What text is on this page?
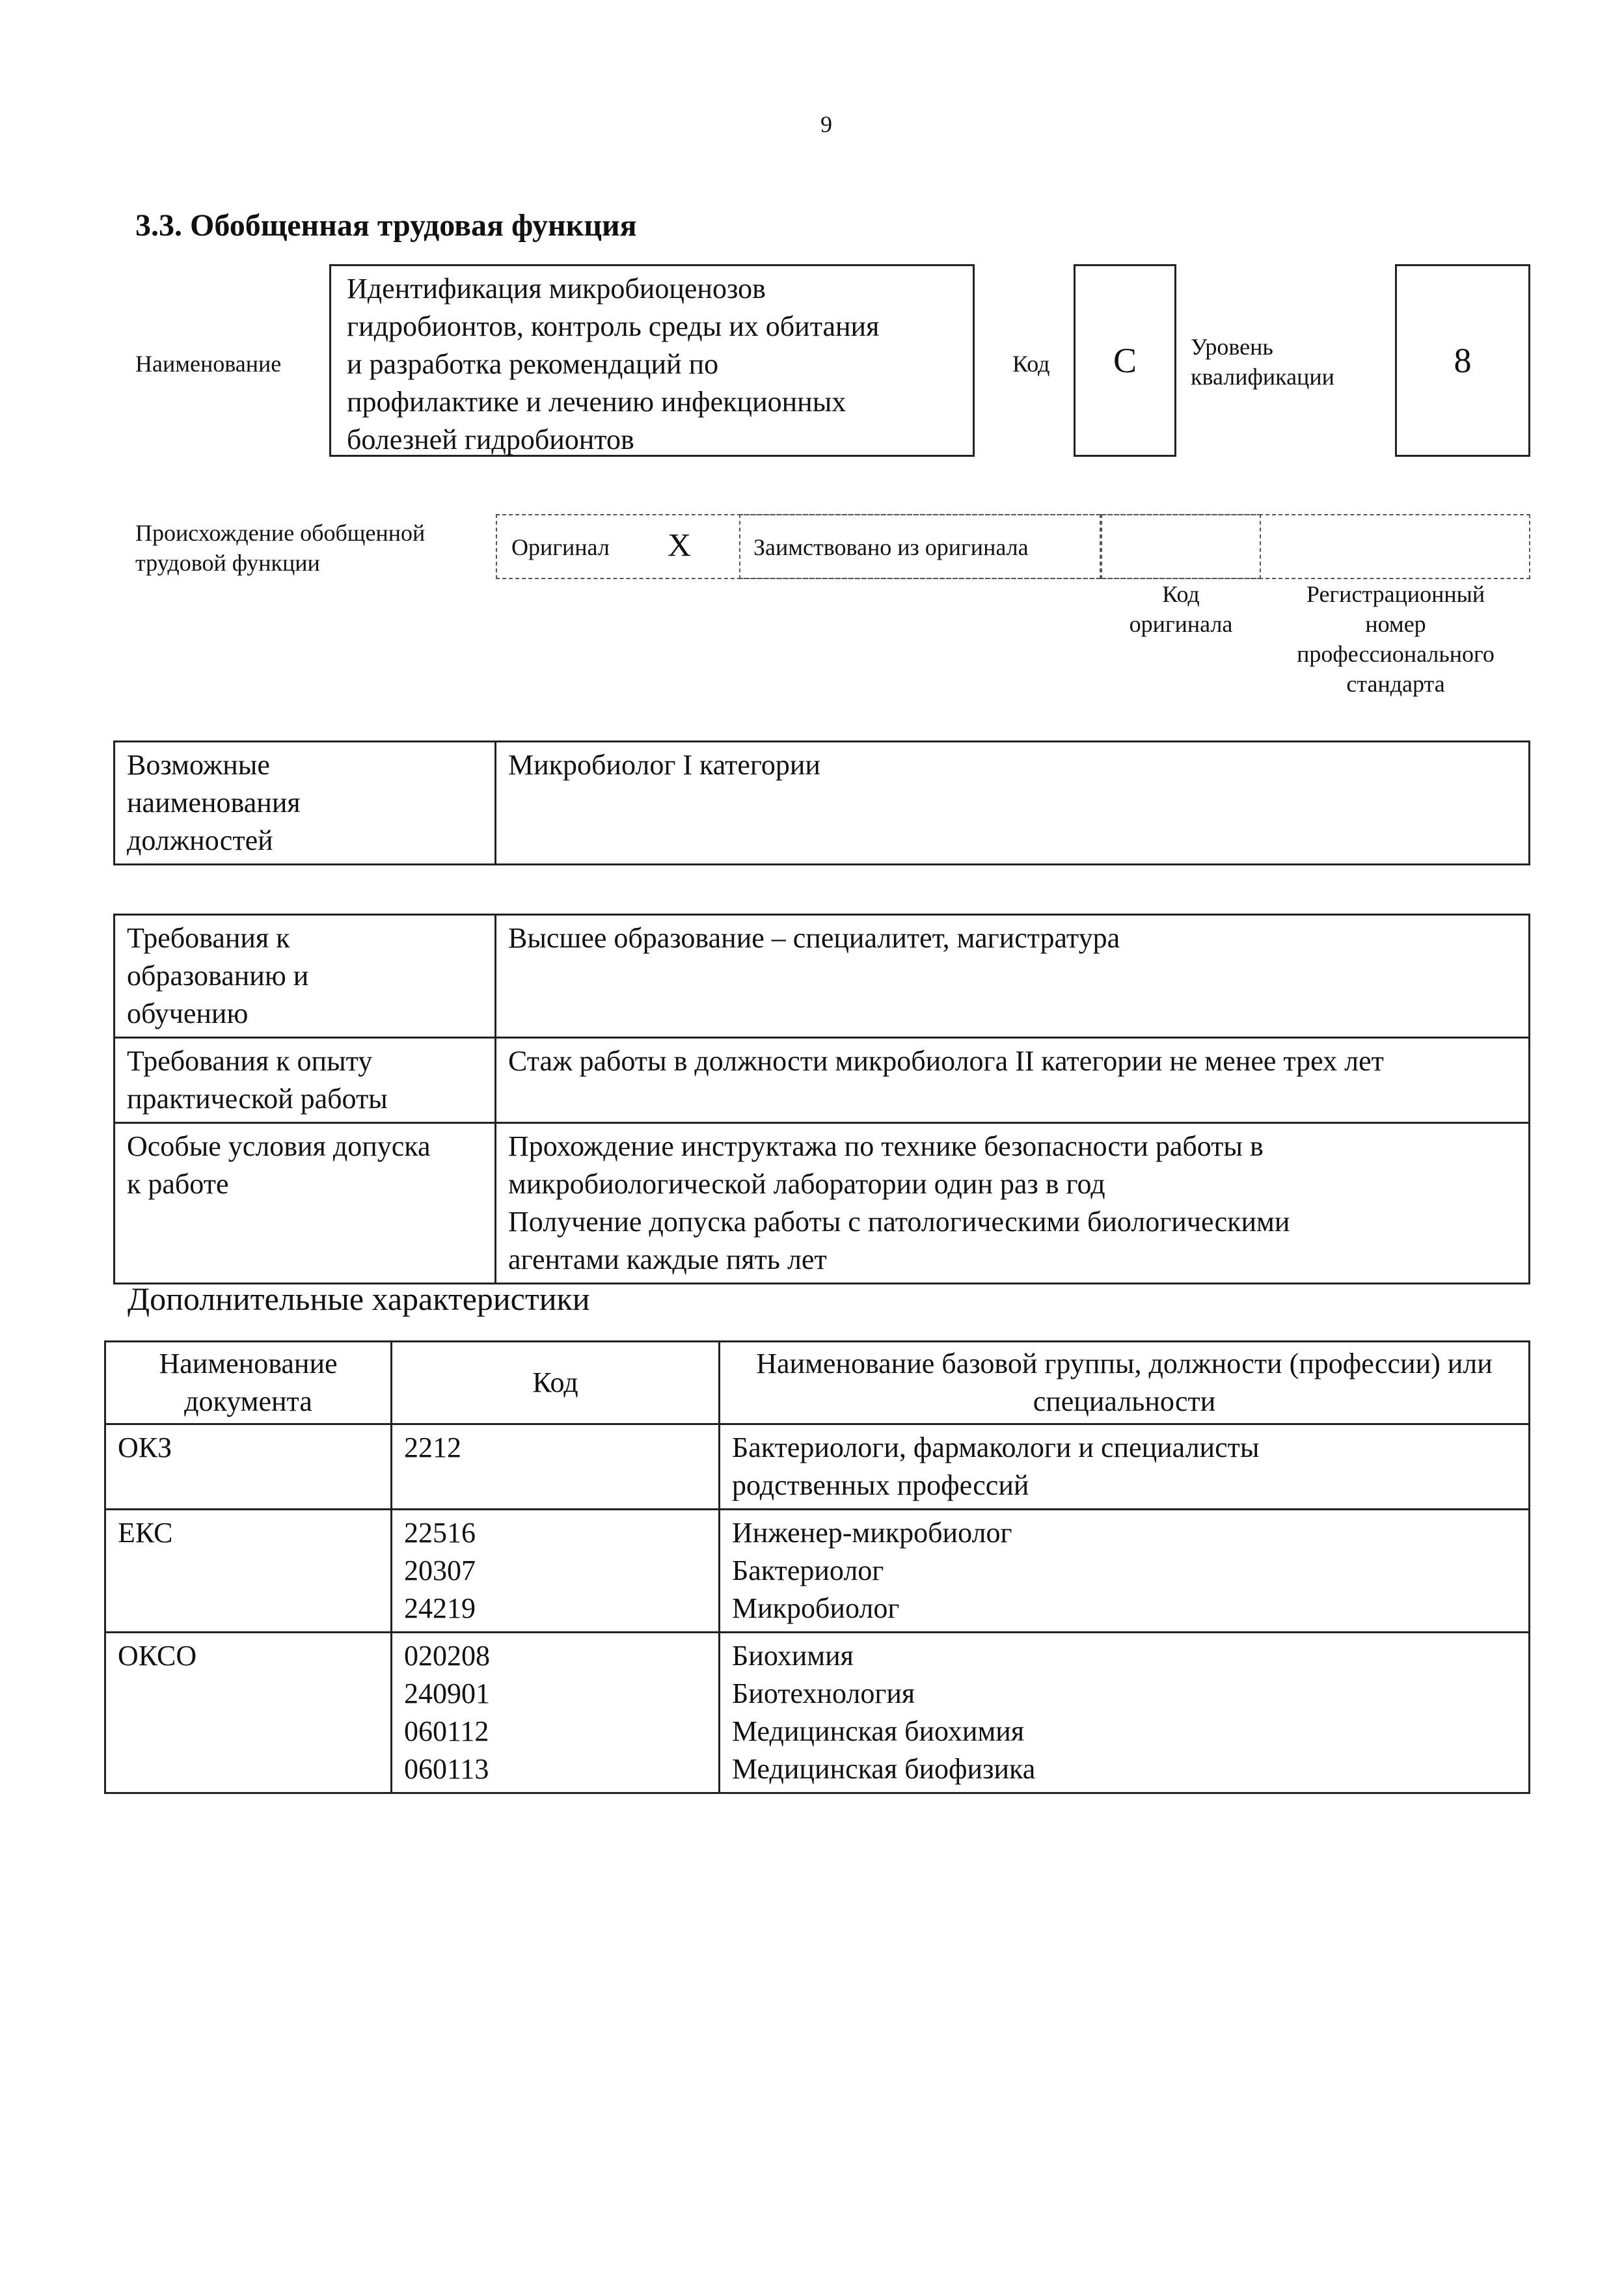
9
3.3. Обобщенная трудовая функция
Наименование
Идентификация микробиоценозов
гидробионтов, контроль среды их обитания
и разработка рекомендаций по
профилактике и лечению инфекционных
болезней гидробионтов
Код	C	Уровень
квалификации	8
Происхождение обобщенной
трудовой функции
Оригинал X	Заимствовано из оригинала
Код
оригинала
Регистрационный
номер
профессионального
стандарта
Возможные
наименования
должностей
	Микробиолог I категории
Требования к
образованию и
обучению	Высшее образование – специалитет, магистратура

Требования к опыту
практической работы	Стаж работы в должности микробиолога II категории не менее трех лет

Особые условия допуска
к работе	Прохождение инструктажа по технике безопасности работы в
микробиологической лаборатории один раз в год
Получение допуска работы с патологическими биологическими
агентами каждые пять лет
Дополнительные характеристики
Наименование документа	Код	Наименование базовой группы, должности (профессии) или специальности
ОКЗ	2212	Бактериологи, фармакологи и специалисты
родственных профессий

ЕКС	22516
20307
24219	Инженер-микробиолог
Бактериолог
Микробиолог

ОКСО	020208
240901
060112
060113	Биохимия
Биотехнология
Медицинская биохимия
Медицинская биофизика
